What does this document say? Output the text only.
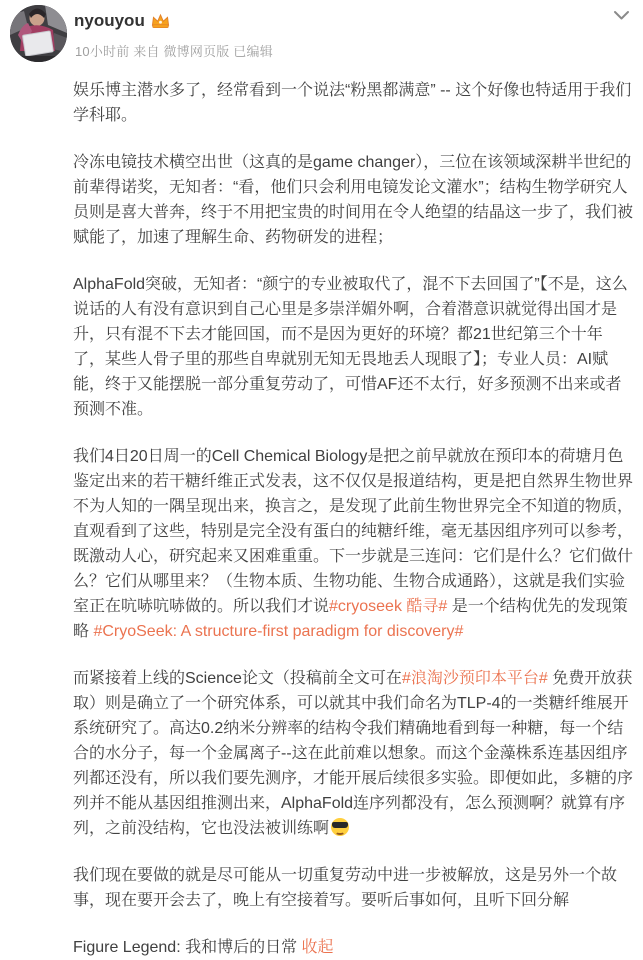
nyouyou
10小时前 来自 微博网页版 已编辑

娱乐博主潜水多了，经常看到一个说法“粉黑都满意” -- 这个好像也特适用于我们学科耶。

冷冻电镜技术横空出世（这真的是game changer），三位在该领域深耕半世纪的前辈得诺奖，无知者：“看，他们只会利用电镜发论文灌水”；结构生物学研究人员则是喜大普奔，终于不用把宝贵的时间用在令人绝望的结晶这一步了，我们被赋能了，加速了理解生命、药物研发的进程；

AlphaFold突破，无知者：“颜宁的专业被取代了，混不下去回国了”【不是，这么说话的人有没有意识到自己心里是多崇洋媚外啊，合着潜意识就觉得出国才是升，只有混不下去才能回国，而不是因为更好的环境？都21世纪第三个十年了，某些人骨子里的那些自卑就别无知无畏地丢人现眼了】；专业人员：AI赋能，终于又能摆脱一部分重复劳动了，可惜AF还不太行，好多预测不出来或者预测不准。

我们4日20日周一的Cell Chemical Biology是把之前早就放在预印本的荷塘月色鉴定出来的若干糖纤维正式发表，这不仅仅是报道结构，更是把自然界生物世界不为人知的一隅呈现出来，换言之，是发现了此前生物世界完全不知道的物质，直观看到了这些，特别是完全没有蛋白的纯糖纤维，毫无基因组序列可以参考，既激动人心，研究起来又困难重重。下一步就是三连问：它们是什么？它们做什么？它们从哪里来？（生物本质、生物功能、生物合成通路），这就是我们实验室正在吭哧吭哧做的。所以我们才说#cryoseek 酷寻# 是一个结构优先的发现策略 #CryoSeek: A structure-first paradigm for discovery#

而紧接着上线的Science论文（投稿前全文可在#浪淘沙预印本平台# 免费开放获取）则是确立了一个研究体系，可以就其中我们命名为TLP-4的一类糖纤维展开系统研究了。高达0.2纳米分辨率的结构令我们精确地看到每一种糖，每一个结合的水分子，每一个金属离子--这在此前难以想象。而这个金藻株系连基因组序列都还没有，所以我们要先测序，才能开展后续很多实验。即便如此，多糖的序列并不能从基因组推测出来，AlphaFold连序列都没有，怎么预测啊？就算有序列，之前没结构，它也没法被训练啊

我们现在要做的就是尽可能从一切重复劳动中进一步被解放，这是另外一个故事，现在要开会去了，晚上有空接着写。要听后事如何，且听下回分解

Figure Legend: 我和博后的日常 收起
